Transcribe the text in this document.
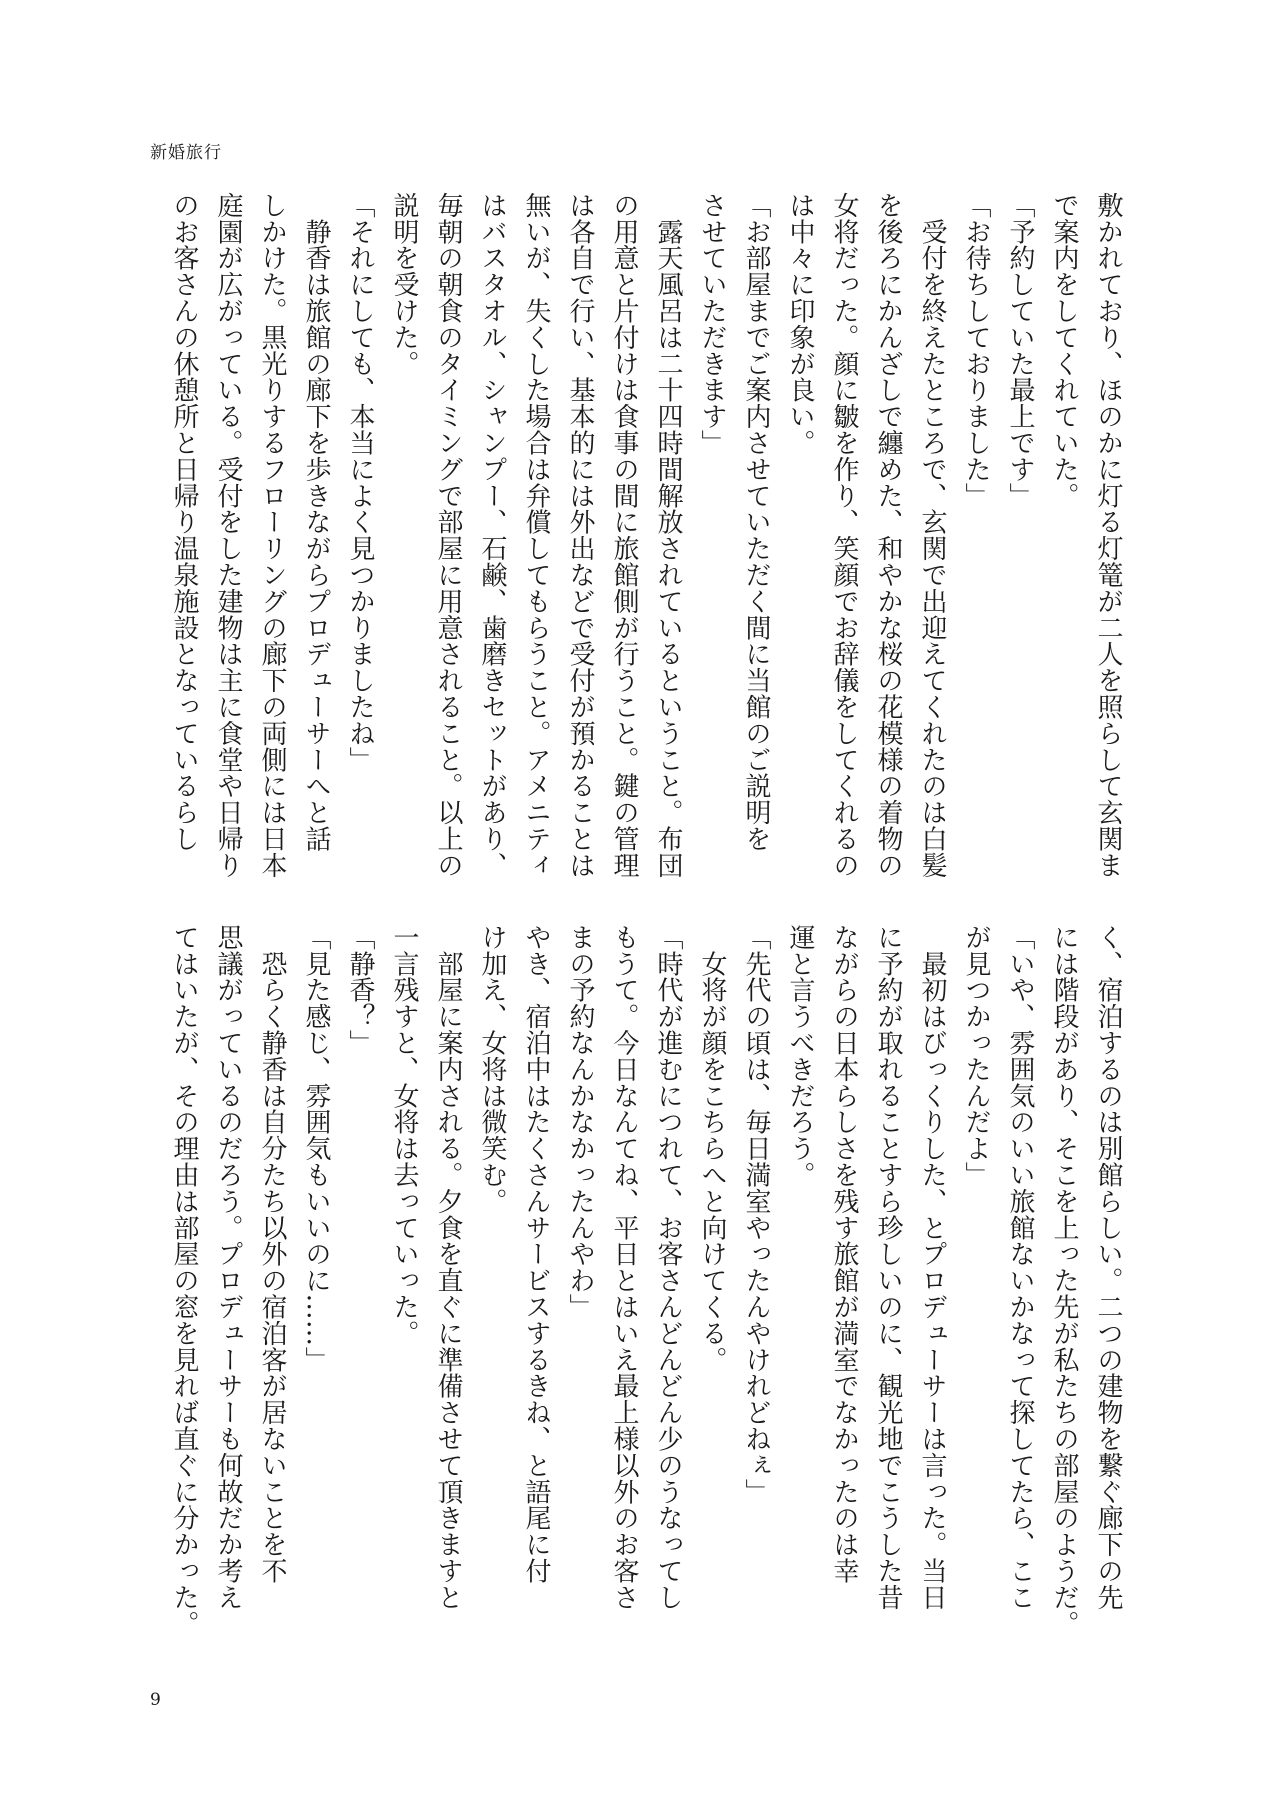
新婚旅行
敷かれており、ほのかに灯る灯篭が二人を照らして玄関ま
で案内をしてくれていた。
「予約していた最上です」
「お待ちしておりました」
　受付を終えたところで、玄関で出迎えてくれたのは白髪
を後ろにかんざしで纏めた、和やかな桜の花模様の着物の
女将だった。顔に皺を作り、笑顔でお辞儀をしてくれるの
は中々に印象が良い。
「お部屋までご案内させていただく間に当館のご説明を
させていただきます」
　露天風呂は二十四時間解放されているということ。布団
の用意と片付けは食事の間に旅館側が行うこと。鍵の管理
は各自で行い、基本的には外出などで受付が預かることは
無いが、失くした場合は弁償してもらうこと。アメニティ
はバスタオル、シャンプー、石鹸、歯磨きセットがあり、
毎朝の朝食のタイミングで部屋に用意されること。以上の
説明を受けた。
「それにしても、本当によく見つかりましたね」
　静香は旅館の廊下を歩きながらプロデューサーへと話
しかけた。黒光りするフローリングの廊下の両側には日本
庭園が広がっている。受付をした建物は主に食堂や日帰り
のお客さんの休憩所と日帰り温泉施設となっているらし
く、宿泊するのは別館らしい。二つの建物を繋ぐ廊下の先
には階段があり、そこを上った先が私たちの部屋のようだ。
「いや、雰囲気のいい旅館ないかなって探してたら、ここ
が見つかったんだよ」
　最初はびっくりした、とプロデューサーは言った。当日
に予約が取れることすら珍しいのに、観光地でこうした昔
ながらの日本らしさを残す旅館が満室でなかったのは幸
運と言うべきだろう。
「先代の頃は、毎日満室やったんやけれどねぇ」
　女将が顔をこちらへと向けてくる。
「時代が進むにつれて、お客さんどんどん少のうなってし
もうて。今日なんてね、平日とはいえ最上様以外のお客さ
まの予約なんかなかったんやわ」
やき、宿泊中はたくさんサービスするきね、と語尾に付
け加え、女将は微笑む。
　部屋に案内される。夕食を直ぐに準備させて頂きますと
一言残すと、女将は去っていった。
「静香？」
「見た感じ、雰囲気もいいのに……」
　恐らく静香は自分たち以外の宿泊客が居ないことを不
思議がっているのだろう。プロデューサーも何故だか考え
てはいたが、その理由は部屋の窓を見れば直ぐに分かった。
9
